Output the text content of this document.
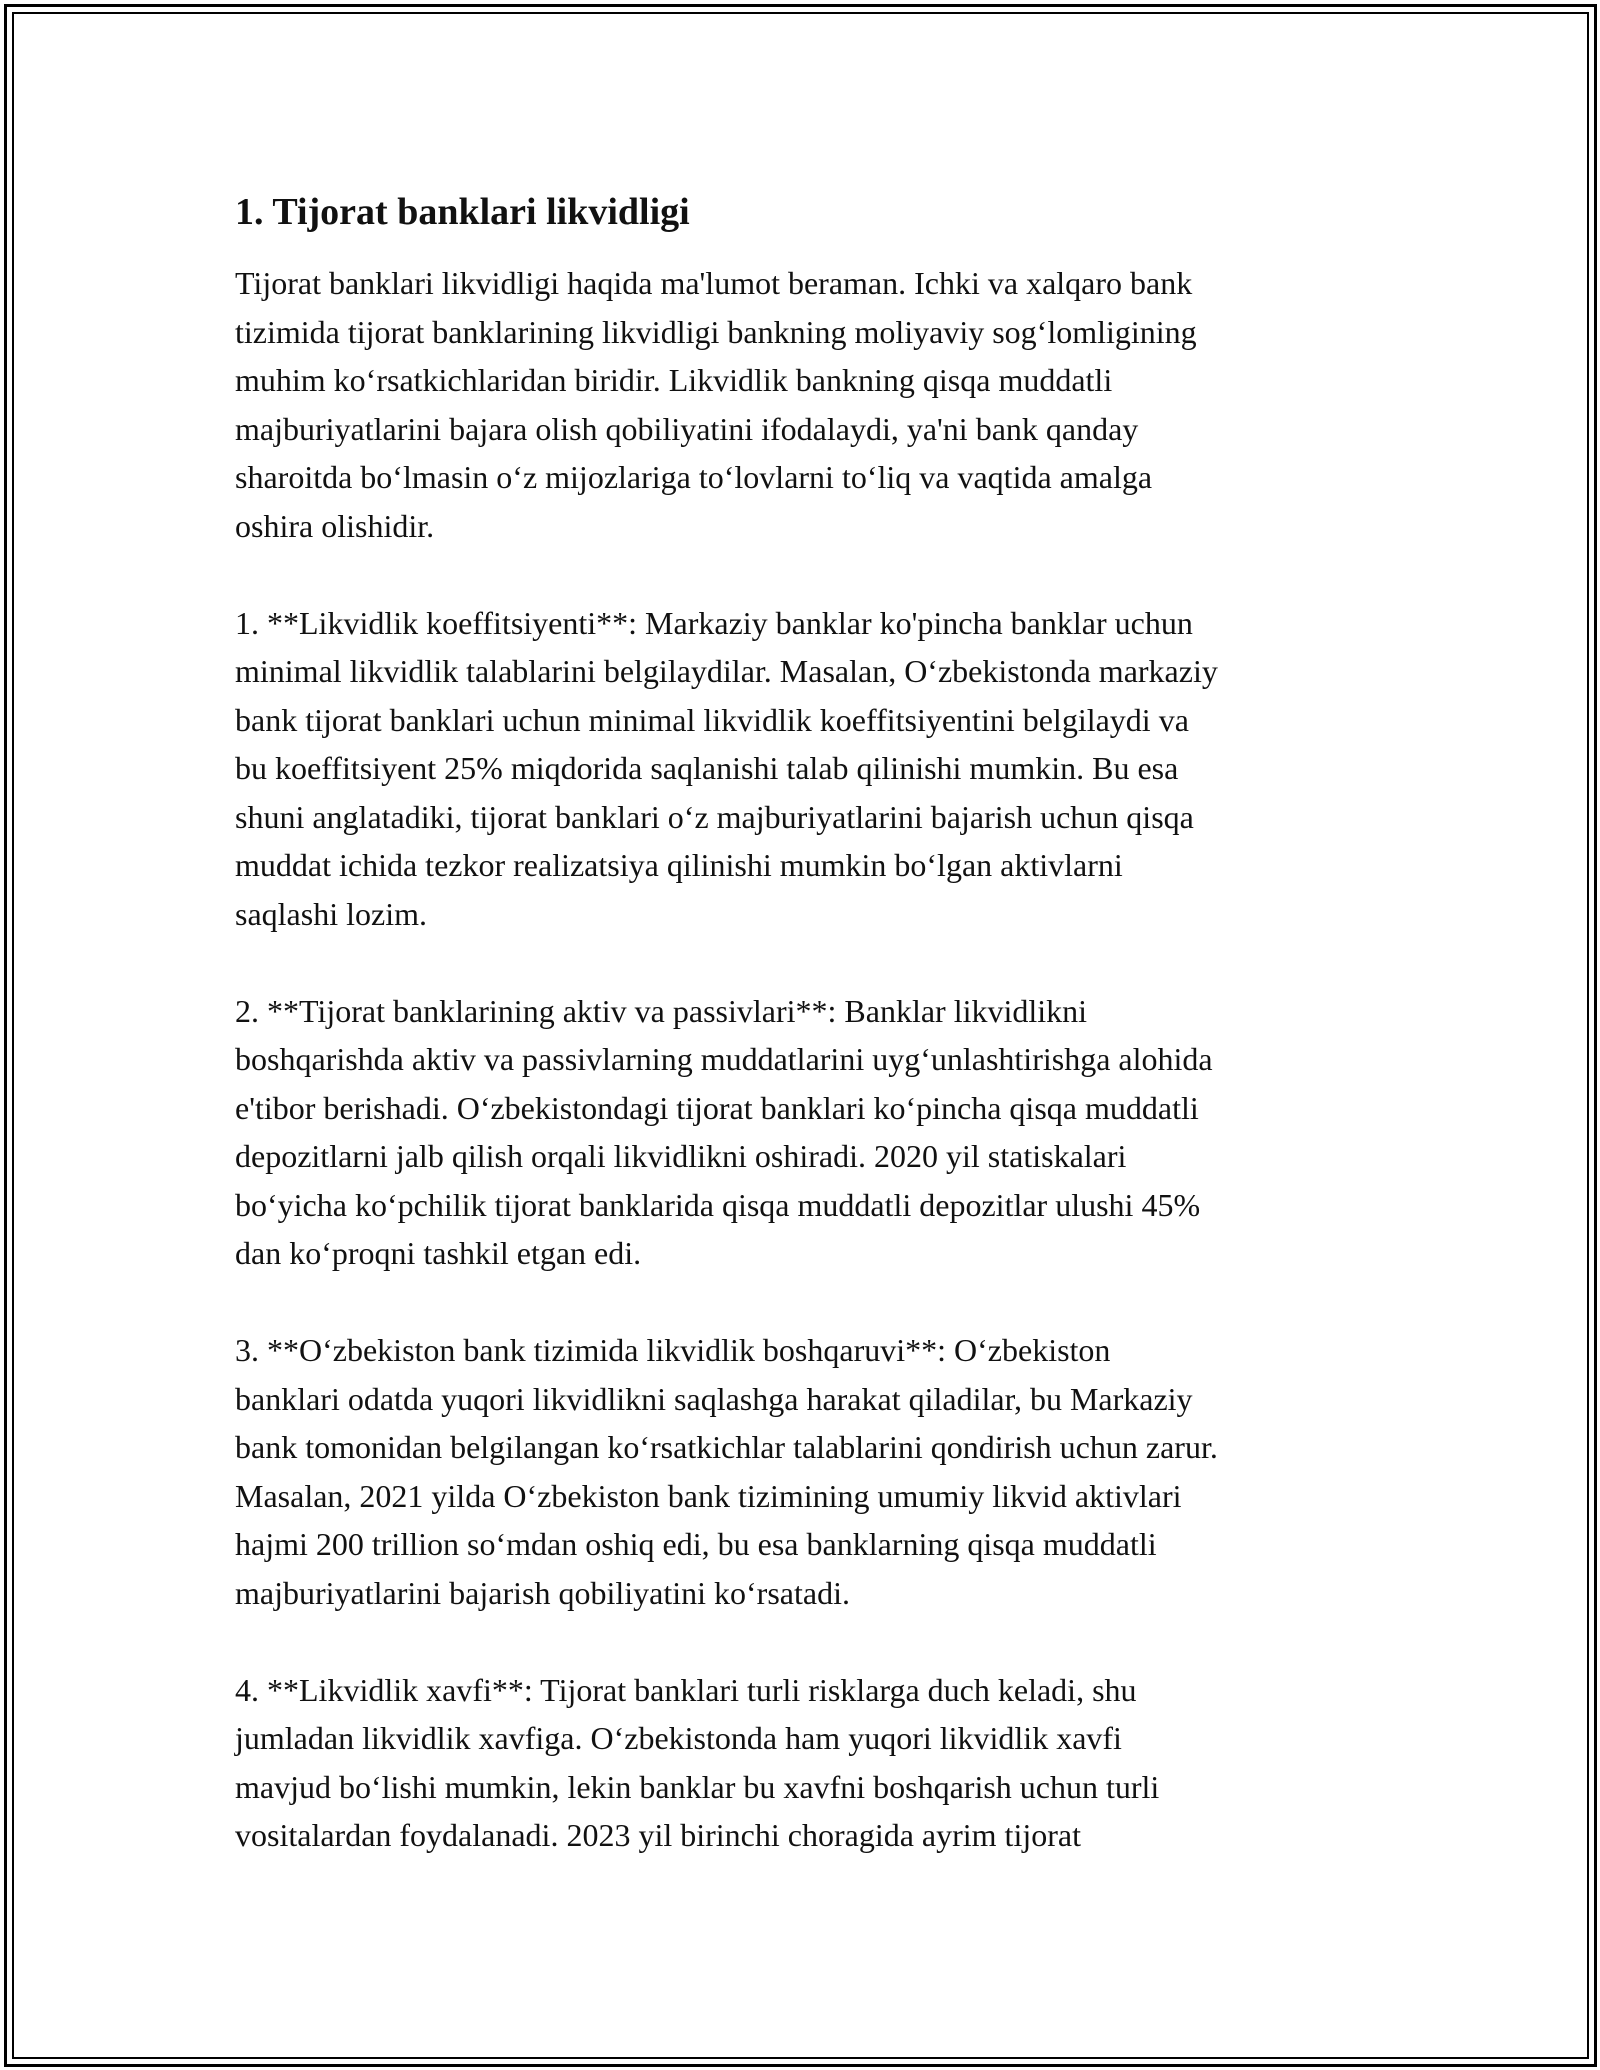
1. Tijorat banklari likvidligi

Tijorat banklari likvidligi haqida ma'lumot beraman. Ichki va xalqaro bank
tizimida tijorat banklarining likvidligi bankning moliyaviy sog‘lomligining
muhim ko‘rsatkichlaridan biridir. Likvidlik bankning qisqa muddatli
majburiyatlarini bajara olish qobiliyatini ifodalaydi, ya'ni bank qanday
sharoitda bo‘lmasin o‘z mijozlariga to‘lovlarni to‘liq va vaqtida amalga
oshira olishidir.

1. **Likvidlik koeffitsiyenti**: Markaziy banklar ko'pincha banklar uchun
minimal likvidlik talablarini belgilaydilar. Masalan, O‘zbekistonda markaziy
bank tijorat banklari uchun minimal likvidlik koeffitsiyentini belgilaydi va
bu koeffitsiyent 25% miqdorida saqlanishi talab qilinishi mumkin. Bu esa
shuni anglatadiki, tijorat banklari o‘z majburiyatlarini bajarish uchun qisqa
muddat ichida tezkor realizatsiya qilinishi mumkin bo‘lgan aktivlarni
saqlashi lozim.

2. **Tijorat banklarining aktiv va passivlari**: Banklar likvidlikni
boshqarishda aktiv va passivlarning muddatlarini uyg‘unlashtirishga alohida
e'tibor berishadi. O‘zbekistondagi tijorat banklari ko‘pincha qisqa muddatli
depozitlarni jalb qilish orqali likvidlikni oshiradi. 2020 yil statiskalari
bo‘yicha ko‘pchilik tijorat banklarida qisqa muddatli depozitlar ulushi 45%
dan ko‘proqni tashkil etgan edi.

3. **O‘zbekiston bank tizimida likvidlik boshqaruvi**: O‘zbekiston
banklari odatda yuqori likvidlikni saqlashga harakat qiladilar, bu Markaziy
bank tomonidan belgilangan ko‘rsatkichlar talablarini qondirish uchun zarur.
Masalan, 2021 yilda O‘zbekiston bank tizimining umumiy likvid aktivlari
hajmi 200 trillion so‘mdan oshiq edi, bu esa banklarning qisqa muddatli
majburiyatlarini bajarish qobiliyatini ko‘rsatadi.

4. **Likvidlik xavfi**: Tijorat banklari turli risklarga duch keladi, shu
jumladan likvidlik xavfiga. O‘zbekistonda ham yuqori likvidlik xavfi
mavjud bo‘lishi mumkin, lekin banklar bu xavfni boshqarish uchun turli
vositalardan foydalanadi. 2023 yil birinchi choragida ayrim tijorat
